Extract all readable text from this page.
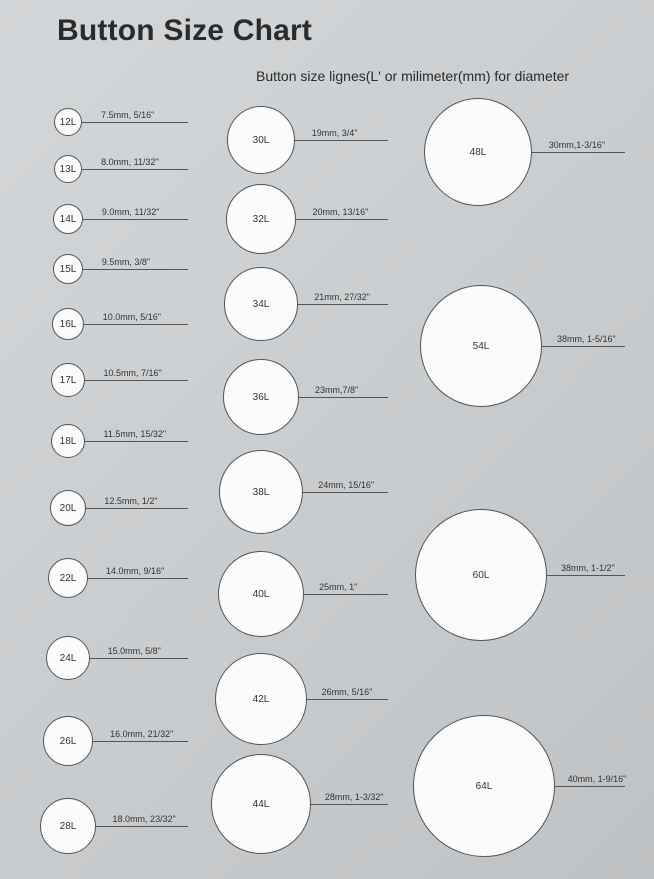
Button Size Chart
Button size lignes(L' or milimeter(mm) for diameter
12L
7.5mm, 5/16"
13L
8.0mm, 11/32"
14L
9.0mm, 11/32"
15L
9.5mm, 3/8"
16L
10.0mm, 5/16"
17L
10.5mm, 7/16"
18L
11.5mm, 15/32"
20L
12.5mm, 1/2"
22L
14.0mm, 9/16"
24L
15.0mm, 5/8"
26L
16.0mm, 21/32"
28L
18.0mm, 23/32"
30L
19mm, 3/4"
32L
20mm, 13/16"
34L
21mm, 27/32"
36L
23mm,7/8"
38L
24mm, 15/16"
40L
25mm, 1"
42L
26mm, 5/16"
44L
28mm, 1-3/32"
48L
30mm,1-3/16"
54L
38mm, 1-5/16"
60L
38mm, 1-1/2"
64L
40mm, 1-9/16"
